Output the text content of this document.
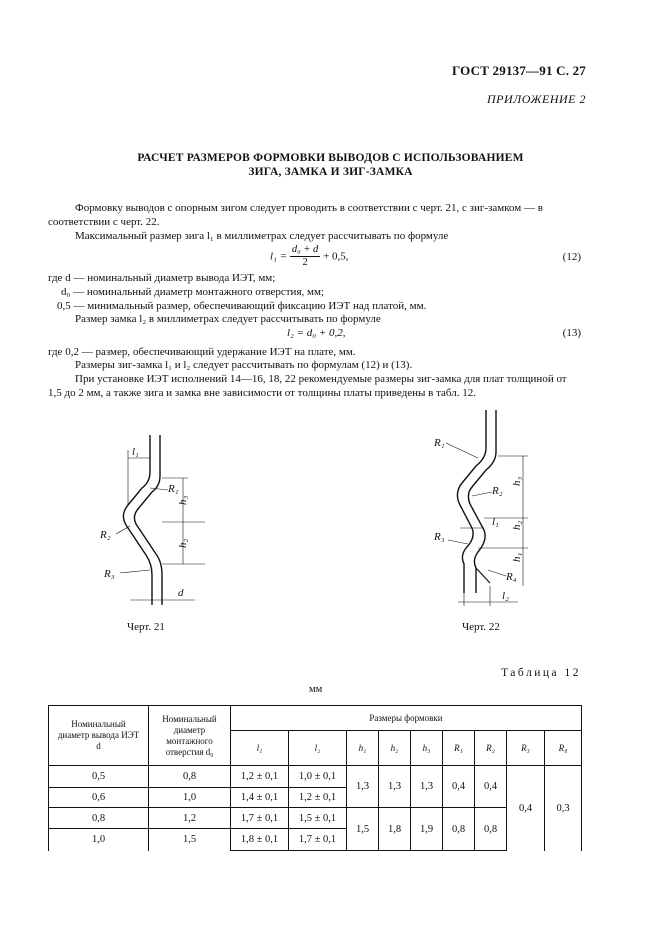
ГОСТ 29137—91 С. 27
ПРИЛОЖЕНИЕ 2
РАСЧЕТ РАЗМЕРОВ ФОРМОВКИ ВЫВОДОВ С ИСПОЛЬЗОВАНИЕМ
ЗИГА, ЗАМКА И ЗИГ-ЗАМКА
Формовку выводов с опорным зигом следует проводить в соответствии с черт. 21, с зиг-замком — в
соответствии с черт. 22.
Максимальный размер зига l₁ в миллиметрах следует рассчитывать по формуле
$l_1 = \frac{\text{d₀ + d}}{2} + 0,5$,	(12)
где d — номинальный диаметр вывода ИЭТ, мм;
d₀ — номинальный диаметр монтажного отверстия, мм;
0,5 — минимальный размер, обеспечивающий фиксацию ИЭТ над платой, мм.
Размер замка l₂ в миллиметрах следует рассчитывать по формуле
l₂ = d₀ + 0,2,	(13)
где 0,2 — размер, обеспечивающий удержание ИЭТ на плате, мм.
Размеры зиг-замка l₁ и l₂ следует рассчитывать по формулам (12) и (13).
При установке ИЭТ исполнений 14—16, 18, 22 рекомендуемые размеры зиг-замка для плат толщиной от
1,5 до 2 мм, а также зига и замка вне зависимости от толщины платы приведены в табл. 12.
l₁
R₁
h₃
R₂
h₂
R₃
d
Черт. 21
R₁
h₃
R₂
l₁ h₂
R₃
h₁
R₄
l₂
Черт. 22
Таблица 12
мм
Номинальный диаметр вывода ИЭТ d	Номинальный диаметр монтажного отверстия d₀	Размеры формовки								
		l₁	l₂	h₁	h₂	h₃	R₁	R₂	R₃	R₄
0,5	0,8	1,2 ± 0,1	1,0 ± 0,1	1,3	1,3	1,3	0,4	0,4	0,4	0,3
0,6	1,0	1,4 ± 0,1	1,2 ± 0,1							
0,8	1,2	1,7 ± 0,1	1,5 ± 0,1	1,5	1,8	1,9	0,8	0,8		
1,0	1,5	1,8 ± 0,1	1,7 ± 0,1							
